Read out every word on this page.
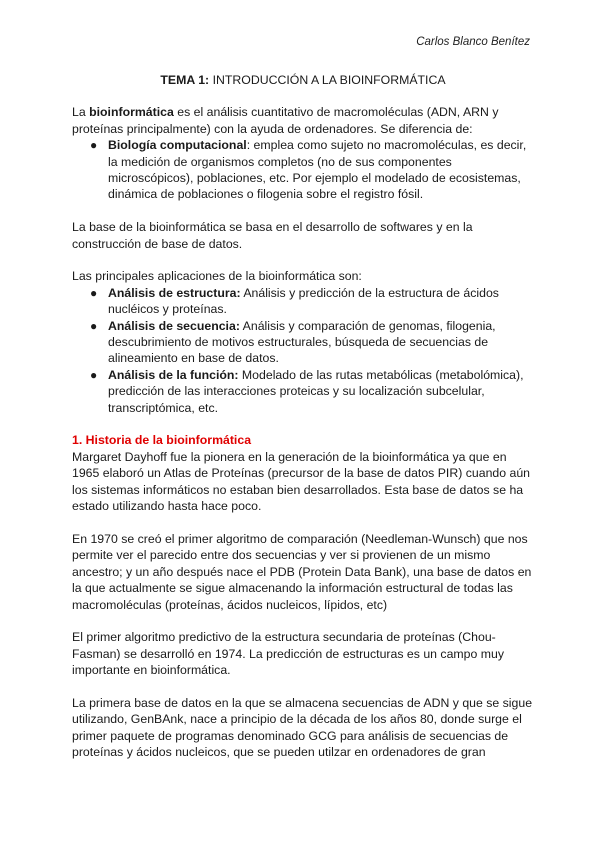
Carlos Blanco Benítez
TEMA 1: INTRODUCCIÓN A LA BIOINFORMÁTICA

La bioinformática es el análisis cuantitativo de macromoléculas (ADN, ARN y proteínas principalmente) con la ayuda de ordenadores. Se diferencia de:

● Biología computacional: emplea como sujeto no macromoléculas, es decir, la medición de organismos completos (no de sus componentes microscópicos), poblaciones, etc. Por ejemplo el modelado de ecosistemas, dinámica de poblaciones o filogenia sobre el registro fósil.

La base de la bioinformática se basa en el desarrollo de softwares y en la construcción de base de datos.

Las principales aplicaciones de la bioinformática son:

● Análisis de estructura: Análisis y predicción de la estructura de ácidos nucléicos y proteínas.
● Análisis de secuencia: Análisis y comparación de genomas, filogenia, descubrimiento de motivos estructurales, búsqueda de secuencias de alineamiento en base de datos.
● Análisis de la función: Modelado de las rutas metabólicas (metabolómica), predicción de las interacciones proteicas y su localización subcelular, transcriptómica, etc.
1. Historia de la bioinformática

Margaret Dayhoff fue la pionera en la generación de la bioinformática ya que en 1965 elaboró un Atlas de Proteínas (precursor de la base de datos PIR) cuando aún los sistemas informáticos no estaban bien desarrollados. Esta base de datos se ha estado utilizando hasta hace poco.

En 1970 se creó el primer algoritmo de comparación (Needleman-Wunsch) que nos permite ver el parecido entre dos secuencias y ver si provienen de un mismo ancestro; y un año después nace el PDB (Protein Data Bank), una base de datos en la que actualmente se sigue almacenando la información estructural de todas las macromoléculas (proteínas, ácidos nucleicos, lípidos, etc)

El primer algoritmo predictivo de la estructura secundaria de proteínas (Chou-Fasman) se desarrolló en 1974. La predicción de estructuras es un campo muy importante en bioinformática.

La primera base de datos en la que se almacena secuencias de ADN y que se sigue utilizando, GenBAnk, nace a principio de la década de los años 80, donde surge el primer paquete de programas denominado GCG para análisis de secuencias de proteínas y ácidos nucleicos, que se pueden utilzar en ordenadores de gran
